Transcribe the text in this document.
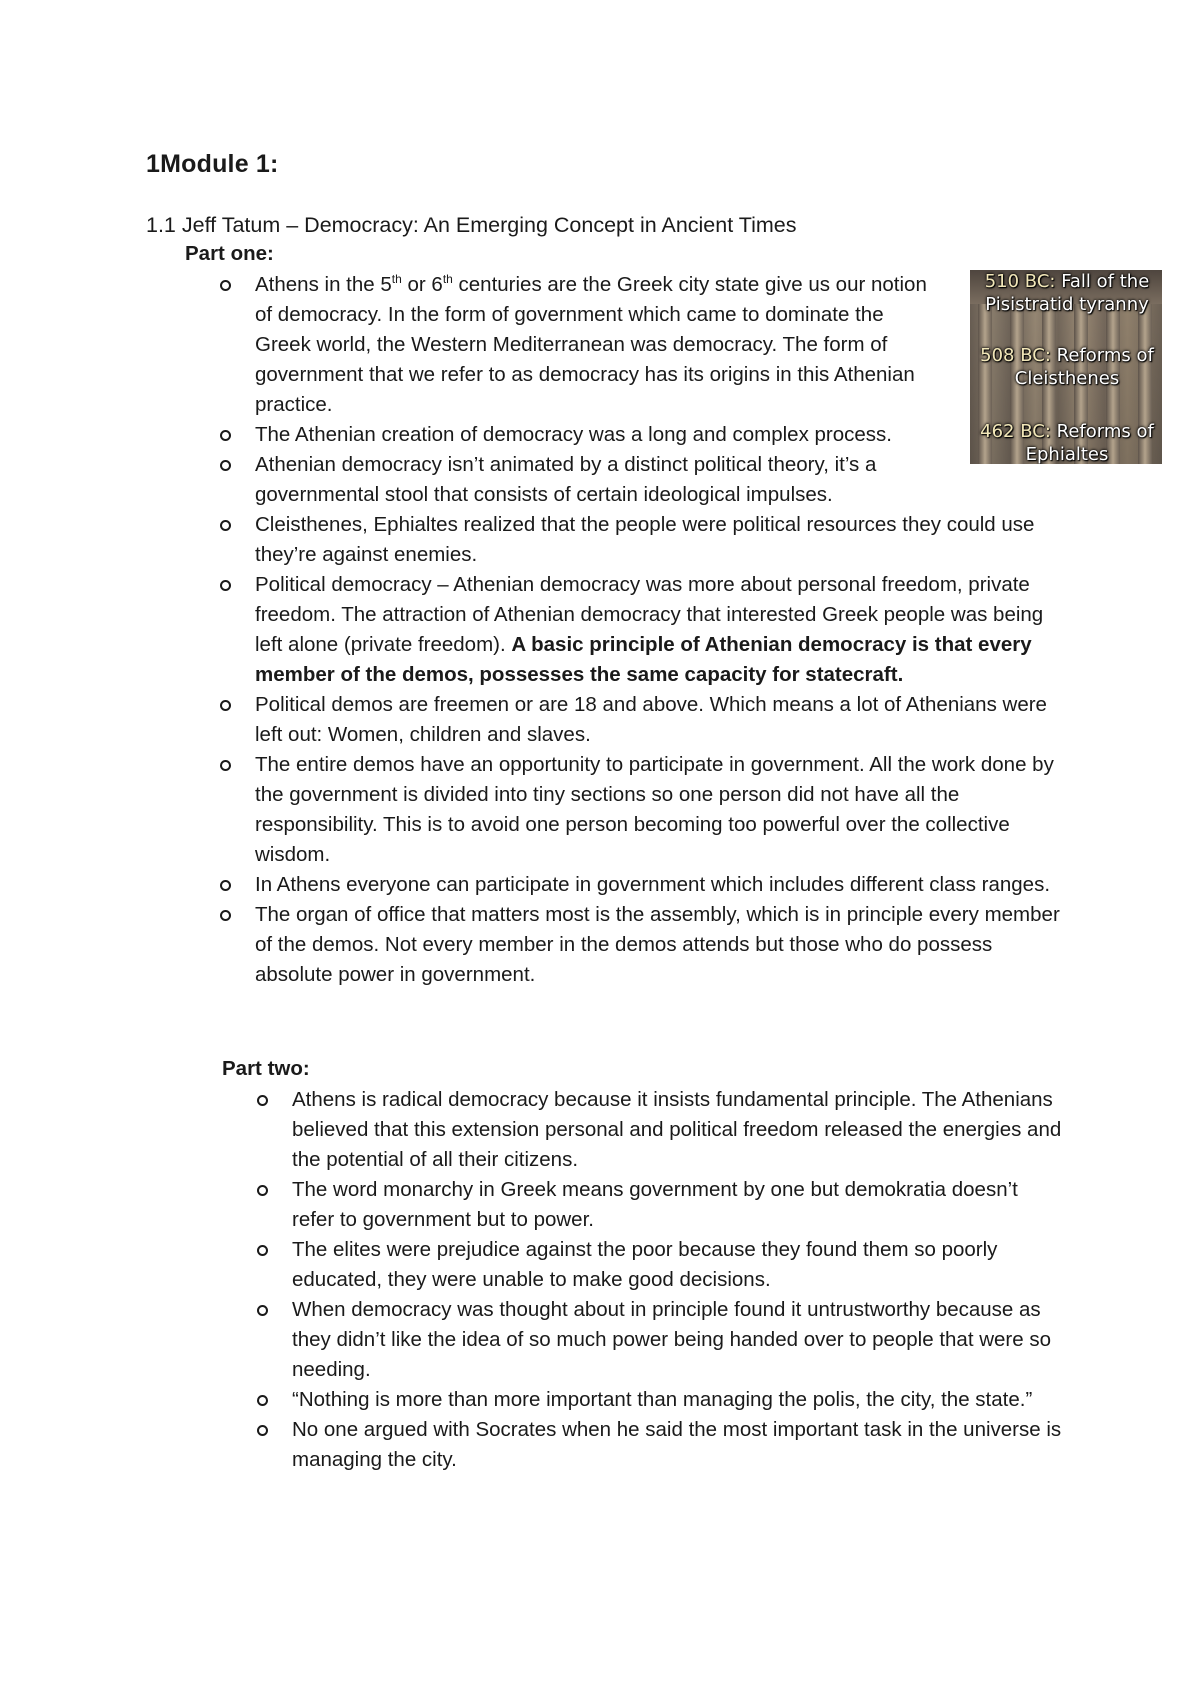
1Module 1:
1.1 Jeff Tatum – Democracy: An Emerging Concept in Ancient Times
Part one:
Athens in the 5th or 6th centuries are the Greek city state give us our notion of democracy. In the form of government which came to dominate the Greek world, the Western Mediterranean was democracy. The form of government that we refer to as democracy has its origins in this Athenian practice.
The Athenian creation of democracy was a long and complex process.
Athenian democracy isn’t animated by a distinct political theory, it’s a governmental stool that consists of certain ideological impulses.
Cleisthenes, Ephialtes realized that the people were political resources they could use they’re against enemies.
Political democracy – Athenian democracy was more about personal freedom, private freedom. The attraction of Athenian democracy that interested Greek people was being left alone (private freedom). A basic principle of Athenian democracy is that every member of the demos, possesses the same capacity for statecraft.
Political demos are freemen or are 18 and above. Which means a lot of Athenians were left out: Women, children and slaves.
The entire demos have an opportunity to participate in government. All the work done by the government is divided into tiny sections so one person did not have all the responsibility. This is to avoid one person becoming too powerful over the collective wisdom.
In Athens everyone can participate in government which includes different class ranges.
The organ of office that matters most is the assembly, which is in principle every member of the demos. Not every member in the demos attends but those who do possess absolute power in government.
Part two:
Athens is radical democracy because it insists fundamental principle. The Athenians believed that this extension personal and political freedom released the energies and the potential of all their citizens.
The word monarchy in Greek means government by one but demokratia doesn’t refer to government but to power.
The elites were prejudice against the poor because they found them so poorly educated, they were unable to make good decisions.
When democracy was thought about in principle found it untrustworthy because as they didn’t like the idea of so much power being handed over to people that were so needing.
“Nothing is more than more important than managing the polis, the city, the state.”
No one argued with Socrates when he said the most important task in the universe is managing the city.
510 BC: Fall of the Pisistratid tyranny
508 BC: Reforms of Cleisthenes
462 BC: Reforms of Ephialtes
